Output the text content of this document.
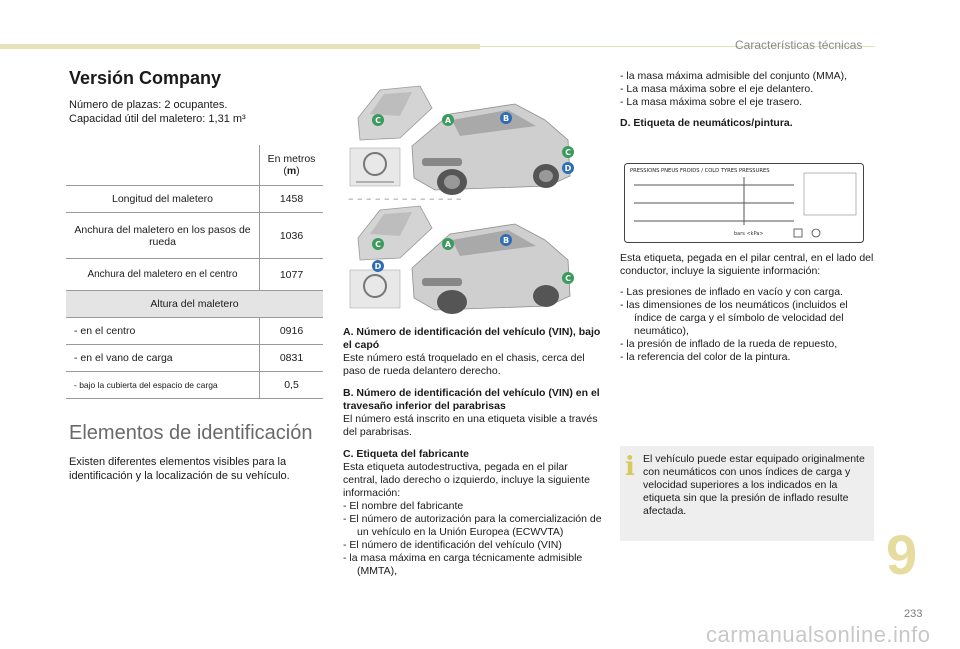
Características técnicas
Versión Company
Número de plazas: 2 ocupantes.
Capacidad útil del maletero: 1,31 m³
	En metros
(m)
Longitud del maletero	1458
Anchura del maletero en los pasos de rueda	1036
Anchura del maletero en el centro	1077
Altura del maletero	
- en el centro	0916
- en el vano de carga	0831
- bajo la cubierta del espacio de carga	0,5
Elementos de identificación
Existen diferentes elementos visibles para la identificación y la localización de su vehículo.
– – – – – – – – – – – – –
C	A	B
C
D
C
D
A	B
C
A. Número de identificación del vehículo (VIN), bajo el capó
Este número está troquelado en el chasis, cerca del paso de rueda delantero derecho.
B. Número de identificación del vehículo (VIN) en el travesaño inferior del parabrisas
El número está inscrito en una etiqueta visible a través del parabrisas.
C. Etiqueta del fabricante
Esta etiqueta autodestructiva, pegada en el pilar central, lado derecho o izquierdo, incluye la siguiente información:
- El nombre del fabricante
- El número de autorización para la comercialización de un vehículo en la Unión Europea (ECWVTA)
- El número de identificación del vehículo (VIN)
- la masa máxima en carga técnicamente admisible (MMTA),
- la masa máxima admisible del conjunto (MMA),
- La masa máxima sobre el eje delantero.
- La masa máxima sobre el eje trasero.
D. Etiqueta de neumáticos/pintura.
PRESSIONS PNEUS FROIDS / COLD TYRES PRESSURES
bars <kPa>
Esta etiqueta, pegada en el pilar central, en el lado del conductor, incluye la siguiente información:
- Las presiones de inflado en vacío y con carga.
- las dimensiones de los neumáticos (incluidos el índice de carga y el símbolo de velocidad del neumático),
- la presión de inflado de la rueda de repuesto,
- la referencia del color de la pintura.
i El vehículo puede estar equipado originalmente con neumáticos con unos índices de carga y velocidad superiores a los indicados en la etiqueta sin que la presión de inflado resulte afectada.
9
233
carmanualsonline.info
